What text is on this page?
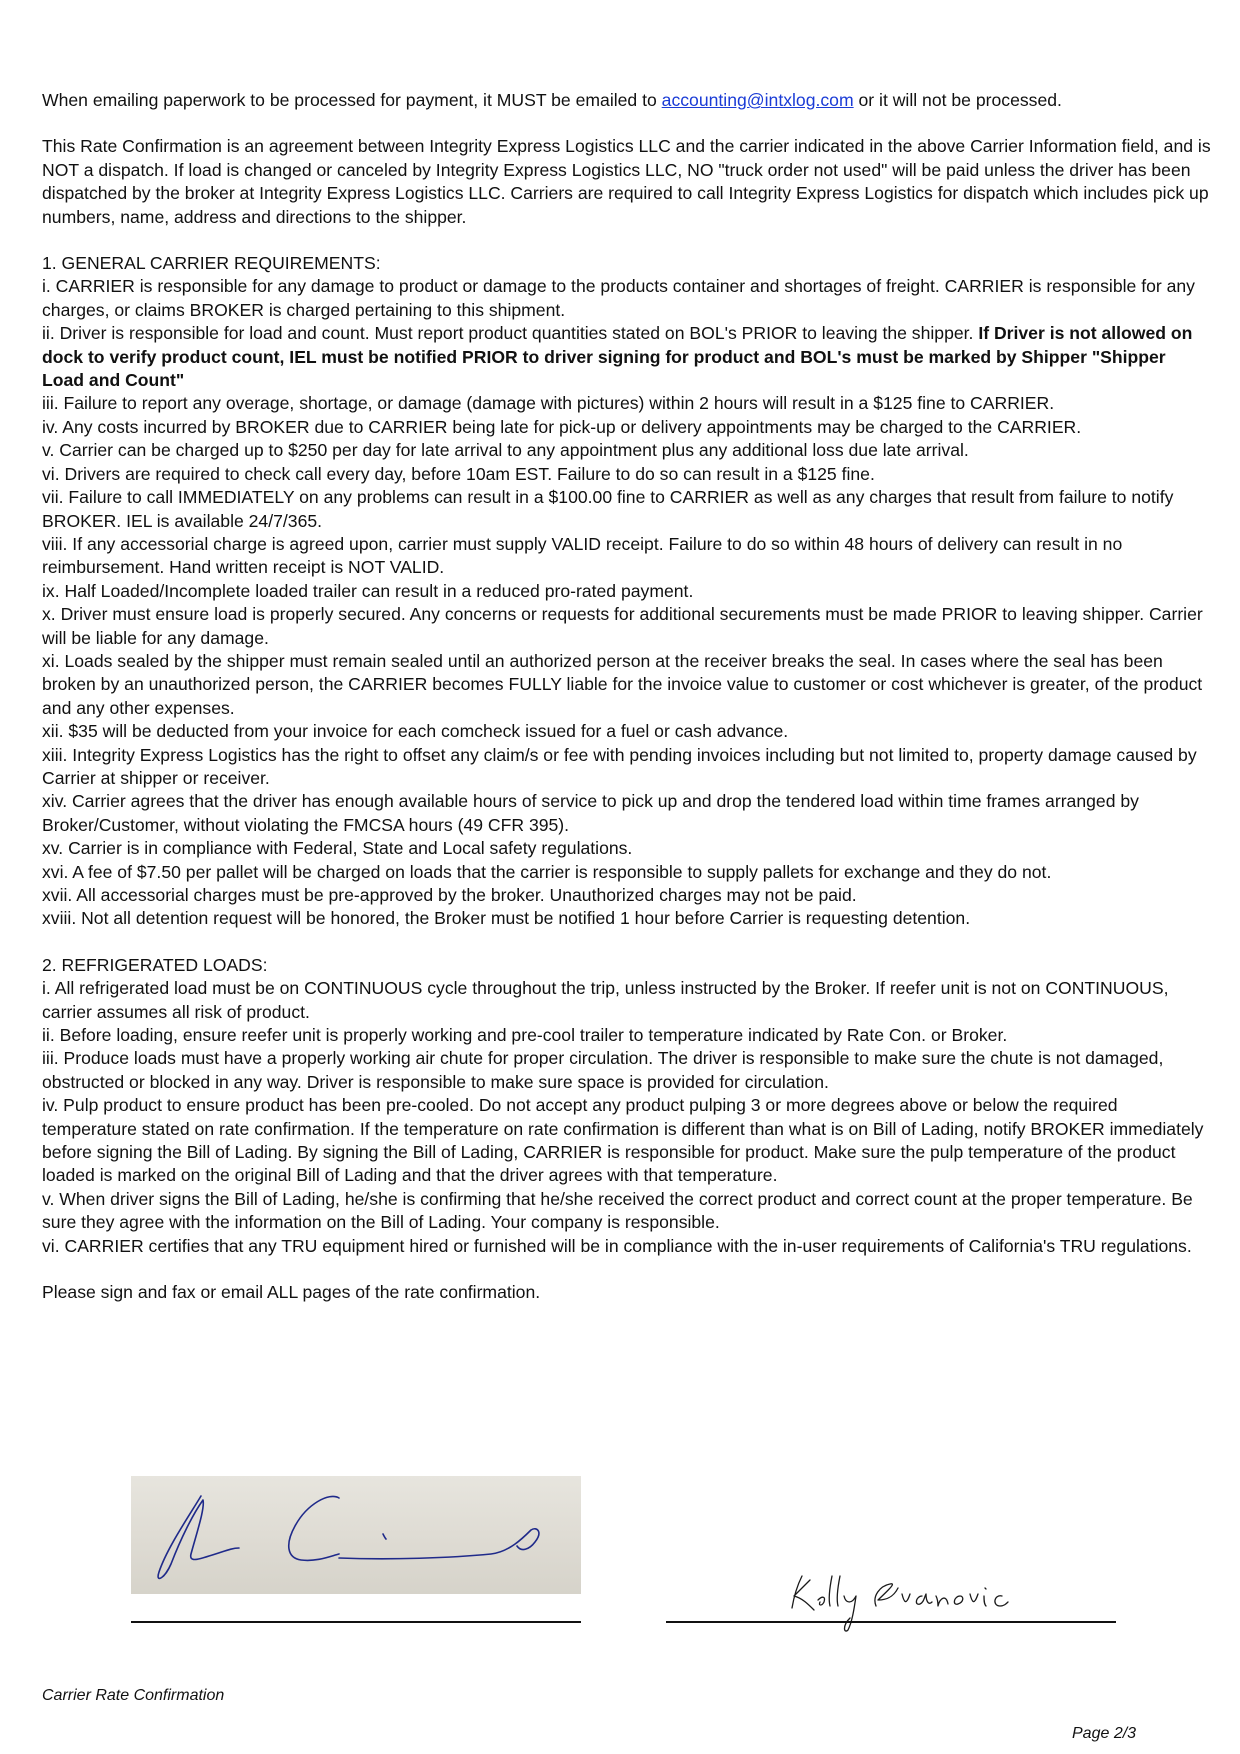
When emailing paperwork to be processed for payment, it MUST be emailed to accounting@intxlog.com or it will not be processed.

This Rate Confirmation is an agreement between Integrity Express Logistics LLC and the carrier indicated in the above Carrier Information field, and is NOT a dispatch. If load is changed or canceled by Integrity Express Logistics LLC, NO "truck order not used" will be paid unless the driver has been dispatched by the broker at Integrity Express Logistics LLC. Carriers are required to call Integrity Express Logistics for dispatch which includes pick up numbers, name, address and directions to the shipper.

1. GENERAL CARRIER REQUIREMENTS:

i. CARRIER is responsible for any damage to product or damage to the products container and shortages of freight. CARRIER is responsible for any charges, or claims BROKER is charged pertaining to this shipment.

ii. Driver is responsible for load and count. Must report product quantities stated on BOL's PRIOR to leaving the shipper. If Driver is not allowed on dock to verify product count, IEL must be notified PRIOR to driver signing for product and BOL's must be marked by Shipper "Shipper Load and Count"

iii. Failure to report any overage, shortage, or damage (damage with pictures) within 2 hours will result in a $125 fine to CARRIER.

iv. Any costs incurred by BROKER due to CARRIER being late for pick-up or delivery appointments may be charged to the CARRIER.

v. Carrier can be charged up to $250 per day for late arrival to any appointment plus any additional loss due late arrival.

vi. Drivers are required to check call every day, before 10am EST. Failure to do so can result in a $125 fine.

vii. Failure to call IMMEDIATELY on any problems can result in a $100.00 fine to CARRIER as well as any charges that result from failure to notify BROKER. IEL is available 24/7/365.

viii. If any accessorial charge is agreed upon, carrier must supply VALID receipt. Failure to do so within 48 hours of delivery can result in no reimbursement. Hand written receipt is NOT VALID.

ix. Half Loaded/Incomplete loaded trailer can result in a reduced pro-rated payment.

x. Driver must ensure load is properly secured. Any concerns or requests for additional securements must be made PRIOR to leaving shipper. Carrier will be liable for any damage.

xi. Loads sealed by the shipper must remain sealed until an authorized person at the receiver breaks the seal. In cases where the seal has been broken by an unauthorized person, the CARRIER becomes FULLY liable for the invoice value to customer or cost whichever is greater, of the product and any other expenses.

xii. $35 will be deducted from your invoice for each comcheck issued for a fuel or cash advance.

xiii. Integrity Express Logistics has the right to offset any claim/s or fee with pending invoices including but not limited to, property damage caused by Carrier at shipper or receiver.

xiv. Carrier agrees that the driver has enough available hours of service to pick up and drop the tendered load within time frames arranged by Broker/Customer, without violating the FMCSA hours (49 CFR 395).

xv. Carrier is in compliance with Federal, State and Local safety regulations.

xvi. A fee of $7.50 per pallet will be charged on loads that the carrier is responsible to supply pallets for exchange and they do not.

xvii. All accessorial charges must be pre-approved by the broker. Unauthorized charges may not be paid.

xviii. Not all detention request will be honored, the Broker must be notified 1 hour before Carrier is requesting detention.

2. REFRIGERATED LOADS:

i. All refrigerated load must be on CONTINUOUS cycle throughout the trip, unless instructed by the Broker. If reefer unit is not on CONTINUOUS, carrier assumes all risk of product.

ii. Before loading, ensure reefer unit is properly working and pre-cool trailer to temperature indicated by Rate Con. or Broker.

iii. Produce loads must have a properly working air chute for proper circulation. The driver is responsible to make sure the chute is not damaged, obstructed or blocked in any way. Driver is responsible to make sure space is provided for circulation.

iv. Pulp product to ensure product has been pre-cooled. Do not accept any product pulping 3 or more degrees above or below the required temperature stated on rate confirmation. If the temperature on rate confirmation is different than what is on Bill of Lading, notify BROKER immediately before signing the Bill of Lading. By signing the Bill of Lading, CARRIER is responsible for product. Make sure the pulp temperature of the product loaded is marked on the original Bill of Lading and that the driver agrees with that temperature.

v. When driver signs the Bill of Lading, he/she is confirming that he/she received the correct product and correct count at the proper temperature. Be sure they agree with the information on the Bill of Lading. Your company is responsible.

vi. CARRIER certifies that any TRU equipment hired or furnished will be in compliance with the in-user requirements of California's TRU regulations.

Please sign and fax or email ALL pages of the rate confirmation.

Carrier Rate Confirmation
Page 2/3
